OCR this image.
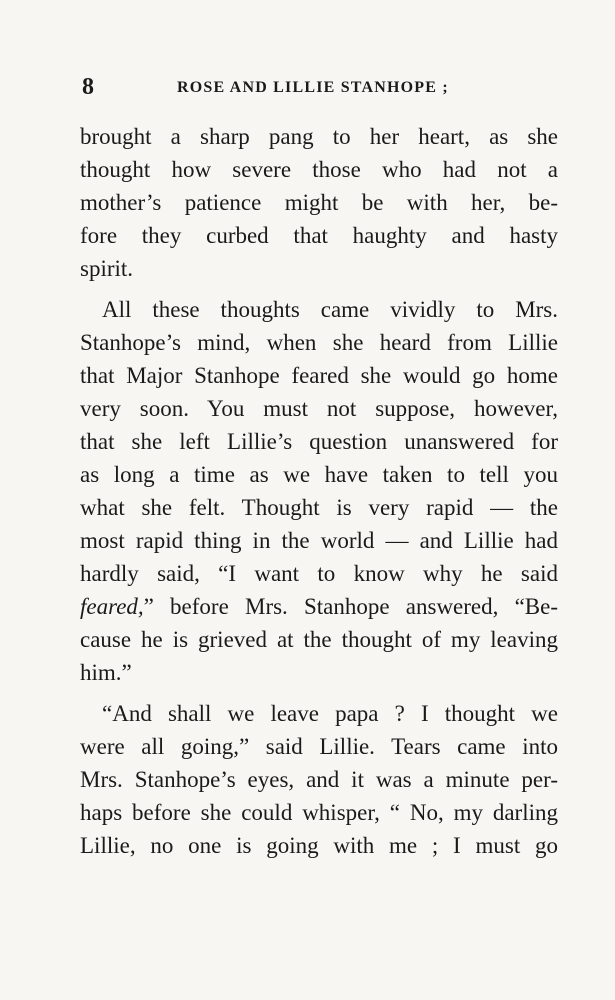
8	ROSE AND LILLIE STANHOPE ;
brought a sharp pang to her heart, as she
thought how severe those who had not a
mother’s patience might be with her, be-
fore they curbed that haughty and hasty
spirit.
All these thoughts came vividly to Mrs.
Stanhope’s mind, when she heard from Lillie
that Major Stanhope feared she would go home
very soon. You must not suppose, however,
that she left Lillie’s question unanswered for
as long a time as we have taken to tell you
what she felt. Thought is very rapid — the
most rapid thing in the world — and Lillie had
hardly said, “I want to know why he said
feared,” before Mrs. Stanhope answered, “Be-
cause he is grieved at the thought of my leaving
him.”
“And shall we leave papa ? I thought we
were all going,” said Lillie. Tears came into
Mrs. Stanhope’s eyes, and it was a minute per-
haps before she could whisper, “ No, my darling
Lillie, no one is going with me ; I must go
